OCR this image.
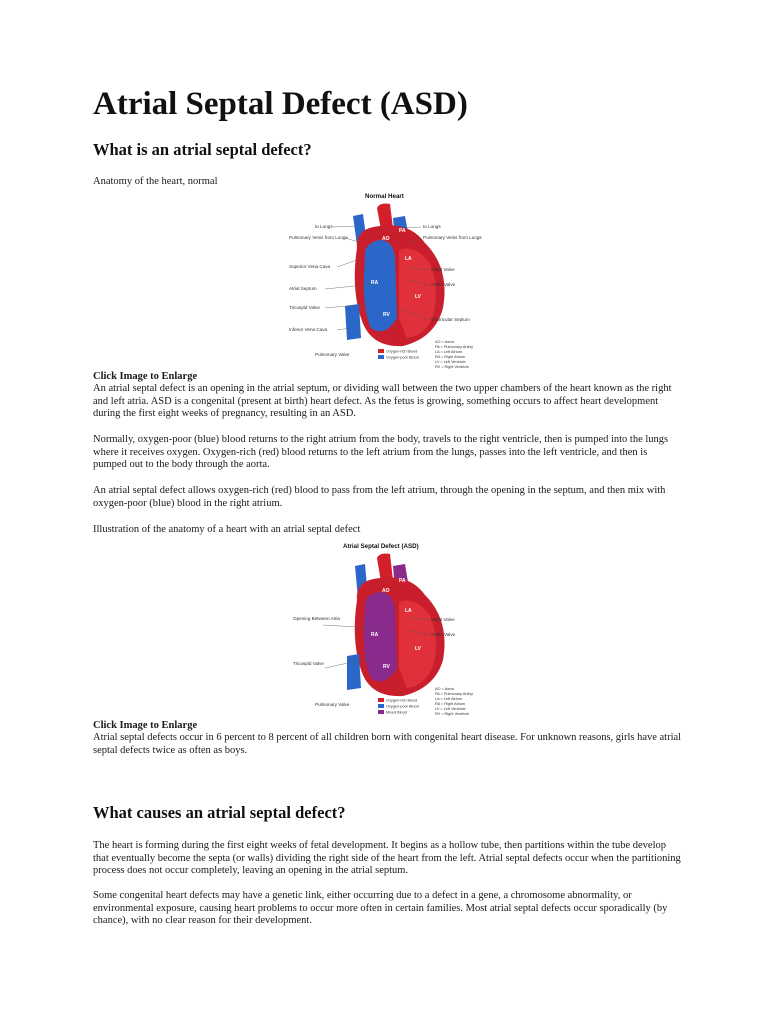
Atrial Septal Defect (ASD)
What is an atrial septal defect?

Anatomy of the heart, normal

Normal Heart
AO
PA
LA
RA
LV
RV
to Lungs
Pulmonary Veins from Lungs
Superior Vena Cava
Atrial Septum
Tricuspid Valve
Inferior Vena Cava
to Lungs
Pulmonary Veins from Lungs
Mitral Valve
Aortic Valve
Ventricular Septum
Pulmonary Valve
Oxygen-rich Blood
Oxygen-poor Blood
AO = Aorta
PA = Pulmonary Artery
LA = Left Atrium
RA = Right Atrium
LV = Left Ventricle
RV = Right Ventricle

Click Image to Enlarge

An atrial septal defect is an opening in the atrial septum, or dividing wall between the two upper chambers of the heart known as the right and left atria. ASD is a congenital (present at birth) heart defect. As the fetus is growing, something occurs to affect heart development during the first eight weeks of pregnancy, resulting in an ASD.

Normally, oxygen-poor (blue) blood returns to the right atrium from the body, travels to the right ventricle, then is pumped into the lungs where it receives oxygen. Oxygen-rich (red) blood returns to the left atrium from the lungs, passes into the left ventricle, and then is pumped out to the body through the aorta.

An atrial septal defect allows oxygen-rich (red) blood to pass from the left atrium, through the opening in the septum, and then mix with oxygen-poor (blue) blood in the right atrium.

Illustration of the anatomy of a heart with an atrial septal defect

Atrial Septal Defect (ASD)
AO
PA
LA
RA
LV
RV
Opening Between Atria
Tricuspid Valve
Mitral Valve
Aortic Valve
Pulmonary Valve
Oxygen-rich Blood
Oxygen-poor Blood
Mixed Blood
AO = Aorta
PA = Pulmonary Artery
LA = Left Atrium
RA = Right Atrium
LV = Left Ventricle
RV = Right Ventricle

Click Image to Enlarge

Atrial septal defects occur in 6 percent to 8 percent of all children born with congenital heart disease. For unknown reasons, girls have atrial septal defects twice as often as boys.

What causes an atrial septal defect?

The heart is forming during the first eight weeks of fetal development. It begins as a hollow tube, then partitions within the tube develop that eventually become the septa (or walls) dividing the right side of the heart from the left. Atrial septal defects occur when the partitioning process does not occur completely, leaving an opening in the atrial septum.

Some congenital heart defects may have a genetic link, either occurring due to a defect in a gene, a chromosome abnormality, or environmental exposure, causing heart problems to occur more often in certain families. Most atrial septal defects occur sporadically (by chance), with no clear reason for their development.
